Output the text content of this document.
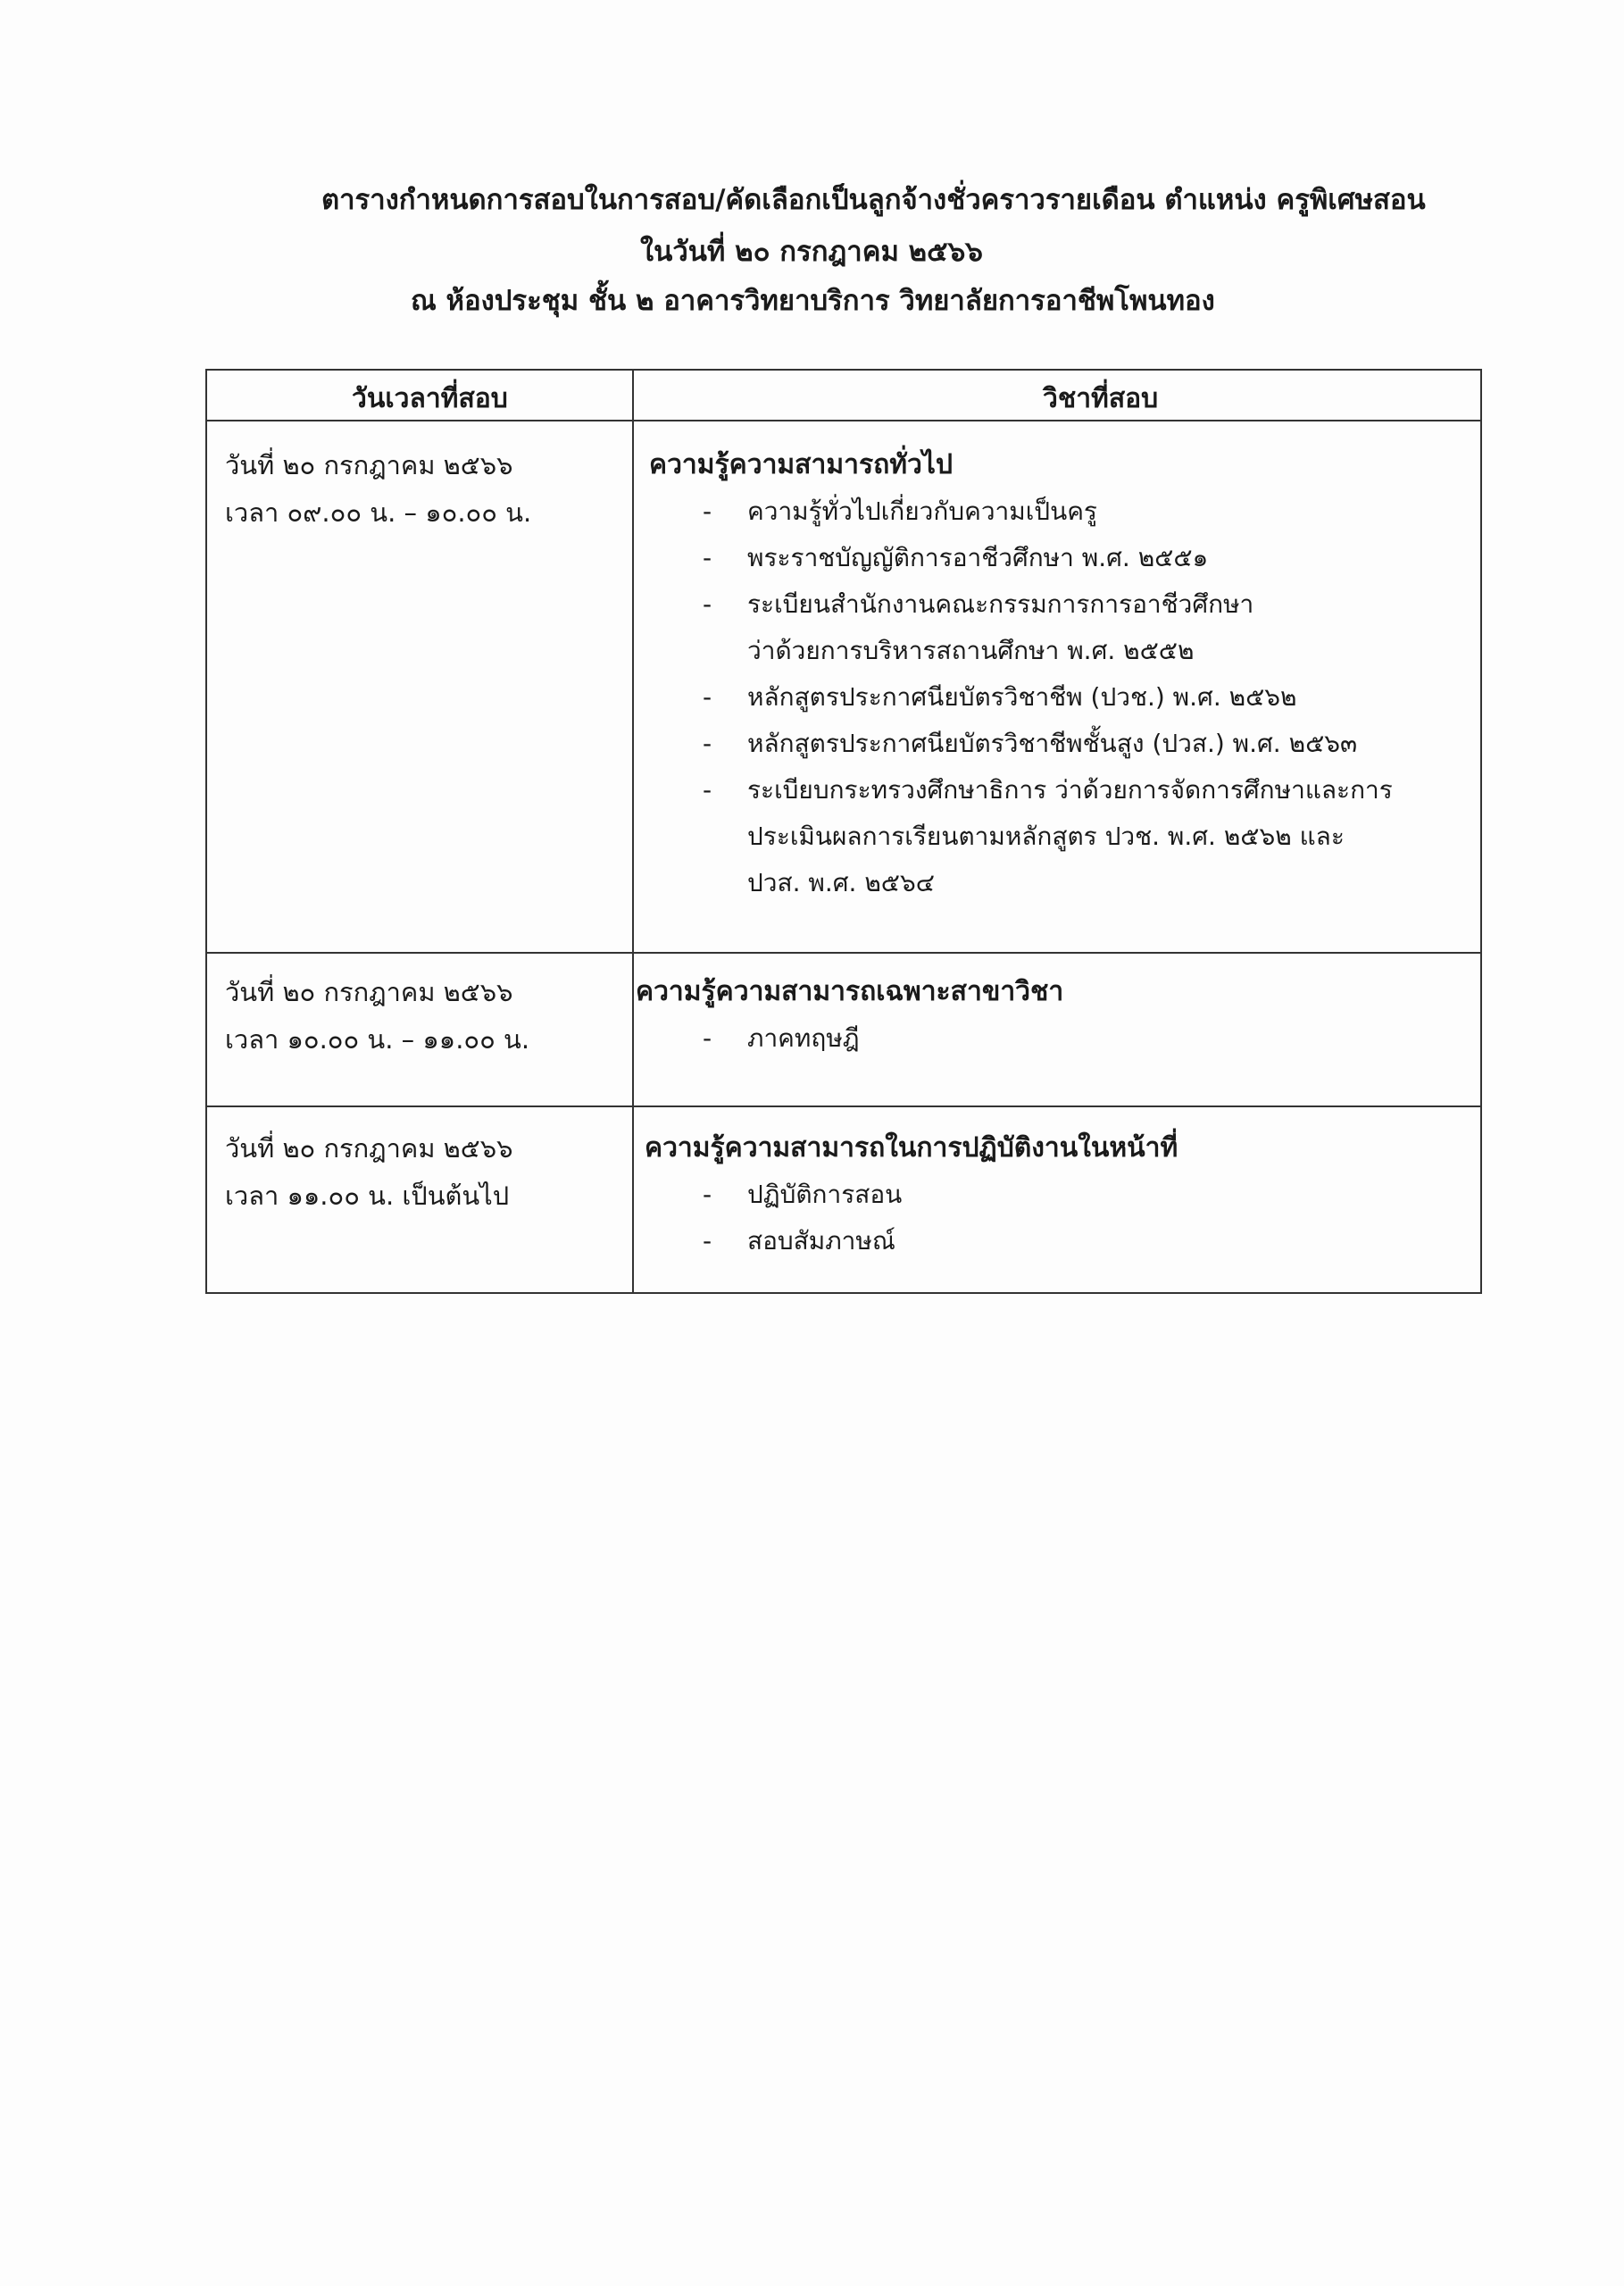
ตารางกำหนดการสอบในการสอบ/คัดเลือกเป็นลูกจ้างชั่วคราวรายเดือน ตำแหน่ง ครูพิเศษสอน
ในวันที่ ๒๐ กรกฎาคม ๒๕๖๖
ณ ห้องประชุม ชั้น ๒ อาคารวิทยาบริการ วิทยาลัยการอาชีพโพนทอง
วันเวลาที่สอบ	วิชาที่สอบ
วันที่ ๒๐ กรกฎาคม ๒๕๖๖
เวลา ๐๙.๐๐ น. – ๑๐.๐๐ น.
ความรู้ความสามารถทั่วไป
- ความรู้ทั่วไปเกี่ยวกับความเป็นครู
- พระราชบัญญัติการอาชีวศึกษา พ.ศ. ๒๕๕๑
- ระเบียนสำนักงานคณะกรรมการการอาชีวศึกษา
ว่าด้วยการบริหารสถานศึกษา พ.ศ. ๒๕๕๒
- หลักสูตรประกาศนียบัตรวิชาชีพ (ปวช.) พ.ศ. ๒๕๖๒
- หลักสูตรประกาศนียบัตรวิชาชีพชั้นสูง (ปวส.) พ.ศ. ๒๕๖๓
- ระเบียบกระทรวงศึกษาธิการ ว่าด้วยการจัดการศึกษาและการ
ประเมินผลการเรียนตามหลักสูตร ปวช. พ.ศ. ๒๕๖๒ และ
ปวส. พ.ศ. ๒๕๖๔
วันที่ ๒๐ กรกฎาคม ๒๕๖๖
เวลา ๑๐.๐๐ น. – ๑๑.๐๐ น.
ความรู้ความสามารถเฉพาะสาขาวิชา
- ภาคทฤษฎี
วันที่ ๒๐ กรกฎาคม ๒๕๖๖
เวลา ๑๑.๐๐ น. เป็นต้นไป
ความรู้ความสามารถในการปฏิบัติงานในหน้าที่
- ปฏิบัติการสอน
- สอบสัมภาษณ์
